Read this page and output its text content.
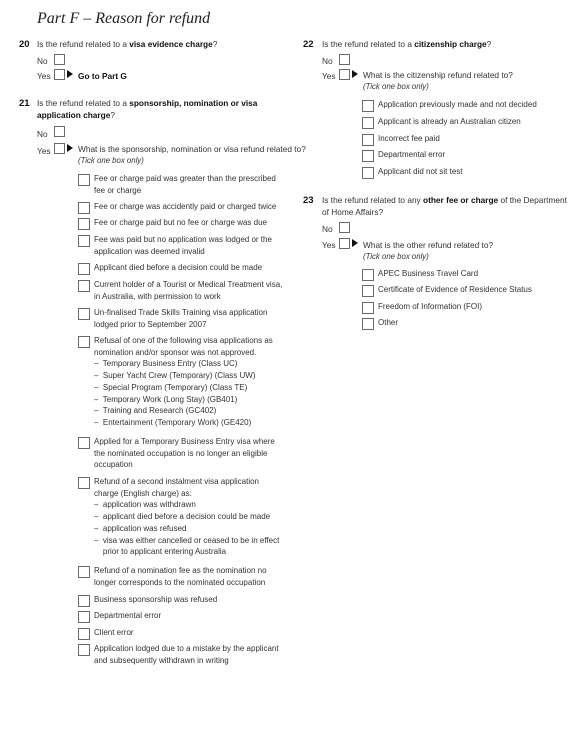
Part F – Reason for refund
20 Is the refund related to a visa evidence charge?
No
Yes	Go to Part G
21 Is the refund related to a sponsorship, nomination or visa application charge?
No
Yes	What is the sponsorship, nomination or visa refund related to?
(Tick one box only)
Fee or charge paid was greater than the prescribed
fee or charge
Fee or charge was accidently paid or charged twice
Fee or charge paid but no fee or charge was due
Fee was paid but no application was lodged or the
application was deemed invalid
Applicant died before a decision could be made
Current holder of a Tourist or Medical Treatment visa,
in Australia, with permission to work
Un-finalised Trade Skills Training visa application
lodged prior to September 2007
Refusal of one of the following visa applications as
nomination and/or sponsor was not approved.
–  Temporary Business Entry (Class UC)
–  Super Yacht Crew (Temporary) (Class UW)
–  Special Program (Temporary) (Class TE)
–  Temporary Work (Long Stay) (GB401)
–  Training and Research (GC402)
–  Entertainment (Temporary Work) (GE420)
Applied for a Temporary Business Entry visa where
the nominated occupation is no longer an eligible
occupation
Refund of a second instalment visa application
charge (English charge) as:
–  application was withdrawn
–  applicant died before a decision could be made
–  application was refused
–  visa was either cancelled or ceased to be in effect
prior to applicant entering Australia
Refund of a nomination fee as the nomination no
longer corresponds to the nominated occupation
Business sponsorship was refused
Departmental error
Client error
Application lodged due to a mistake by the applicant
and subsequently withdrawn in writing
22 Is the refund related to a citizenship charge?
No
Yes	What is the citizenship refund related to?
(Tick one box only)
Application previously made and not decided
Applicant is already an Australian citizen
Incorrect fee paid
Departmental error
Applicant did not sit test
23 Is the refund related to any other fee or charge of the Department of Home Affairs?
No
Yes	What is the other refund related to?
(Tick one box only)
APEC Business Travel Card
Certificate of Evidence of Residence Status
Freedom of Information (FOI)
Other
